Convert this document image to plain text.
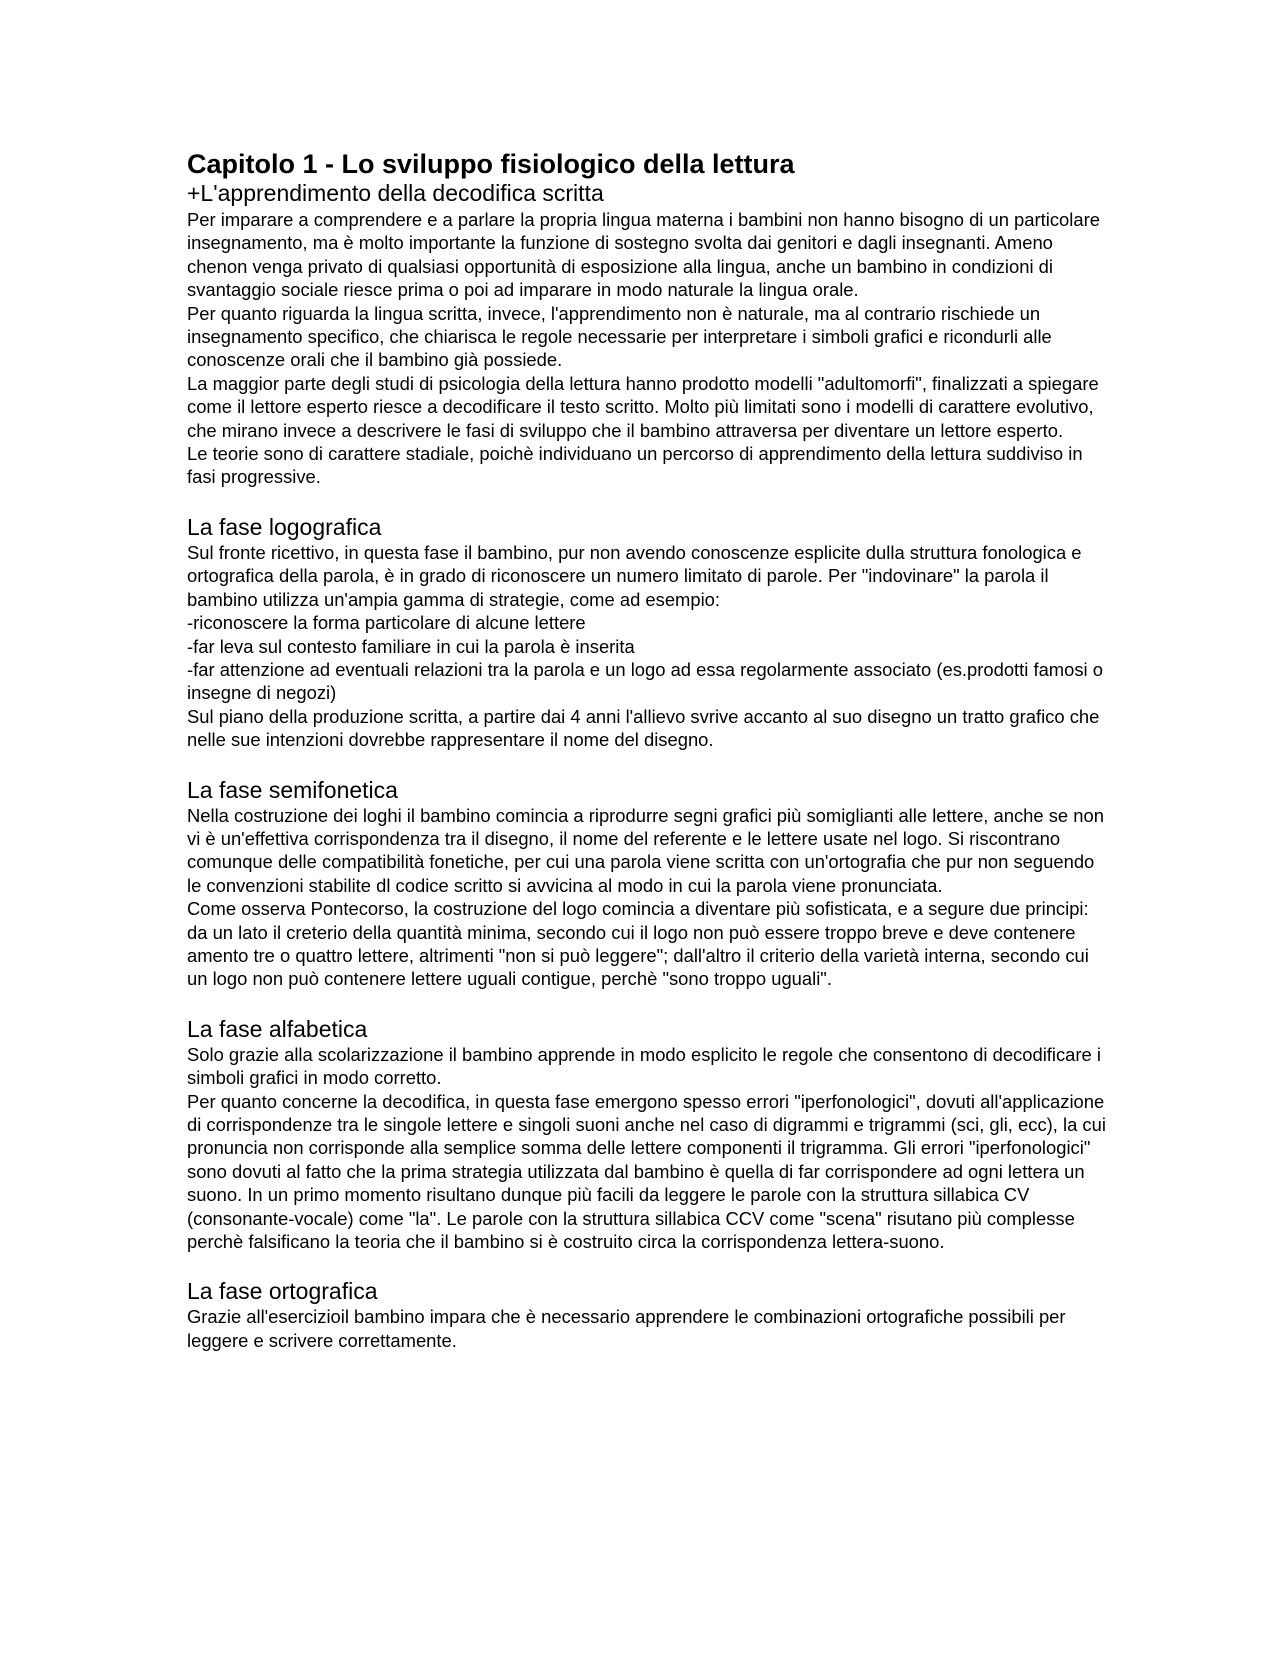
Capitolo 1 - Lo sviluppo fisiologico della lettura
+L'apprendimento della decodifica scritta

Per imparare a comprendere e a parlare la propria lingua materna i bambini non hanno bisogno di un particolare insegnamento, ma è molto importante la funzione di sostegno svolta dai genitori e dagli insegnanti. Ameno chenon venga privato di qualsiasi opportunità di esposizione alla lingua, anche un bambino in condizioni di svantaggio sociale riesce prima o poi ad imparare in modo naturale la lingua orale.

Per quanto riguarda la lingua scritta, invece, l'apprendimento non è naturale, ma al contrario rischiede un insegnamento specifico, che chiarisca le regole necessarie per interpretare i simboli grafici e ricondurli alle conoscenze orali che il bambino già possiede.

La maggior parte degli studi di psicologia della lettura hanno prodotto modelli "adultomorfi", finalizzati a spiegare come il lettore esperto riesce a decodificare il testo scritto. Molto più limitati sono i modelli di carattere evolutivo, che mirano invece a descrivere le fasi di sviluppo che il bambino attraversa per diventare un lettore esperto.

Le teorie sono di carattere stadiale, poichè individuano un percorso di apprendimento della lettura suddiviso in fasi progressive.

La fase logografica

Sul fronte ricettivo, in questa fase il bambino, pur non avendo conoscenze esplicite dulla struttura fonologica e ortografica della parola, è in grado di riconoscere un numero limitato di parole. Per "indovinare" la parola il bambino utilizza un'ampia gamma di strategie, come ad esempio:

-riconoscere la forma particolare di alcune lettere

-far leva sul contesto familiare in cui la parola è inserita

-far attenzione ad eventuali relazioni tra la parola e un logo ad essa regolarmente associato (es.prodotti famosi o insegne di negozi)

Sul piano della produzione scritta, a partire dai 4 anni l'allievo svrive accanto al suo disegno un tratto grafico che nelle sue intenzioni dovrebbe rappresentare il nome del disegno.

La fase semifonetica

Nella costruzione dei loghi il bambino comincia a riprodurre segni grafici più somiglianti alle lettere, anche se non vi è un'effettiva corrispondenza tra il disegno, il nome del referente e le lettere usate nel logo. Si riscontrano comunque delle compatibilità fonetiche, per cui una parola viene scritta con un'ortografia che pur non seguendo le convenzioni stabilite dl codice scritto si avvicina al modo in cui la parola viene pronunciata.

Come osserva Pontecorso, la costruzione del logo comincia a diventare più sofisticata, e a segure due principi: da un lato il creterio della quantità minima, secondo cui il logo non può essere troppo breve e deve contenere amento tre o quattro lettere, altrimenti "non si può leggere"; dall'altro il criterio della varietà interna, secondo cui un logo non può contenere lettere uguali contigue, perchè "sono troppo uguali".

La fase alfabetica

Solo grazie alla scolarizzazione il bambino apprende in modo esplicito le regole che consentono di decodificare i simboli grafici in modo corretto.

Per quanto concerne la decodifica, in questa fase emergono spesso errori "iperfonologici", dovuti all'applicazione di corrispondenze tra le singole lettere e singoli suoni anche nel caso di digrammi e trigrammi (sci, gli, ecc), la cui pronuncia non corrisponde alla semplice somma delle lettere componenti il trigramma. Gli errori "iperfonologici" sono dovuti al fatto che la prima strategia utilizzata dal bambino è quella di far corrispondere ad ogni lettera un suono. In un primo momento risultano dunque più facili da leggere le parole con la struttura sillabica CV (consonante-vocale) come "la". Le parole con la struttura sillabica CCV come "scena" risutano più complesse perchè falsificano la teoria che il bambino si è costruito circa la corrispondenza lettera-suono.

La fase ortografica

Grazie all'esercizioil bambino impara che è necessario apprendere le combinazioni ortografiche possibili per leggere e scrivere correttamente.
